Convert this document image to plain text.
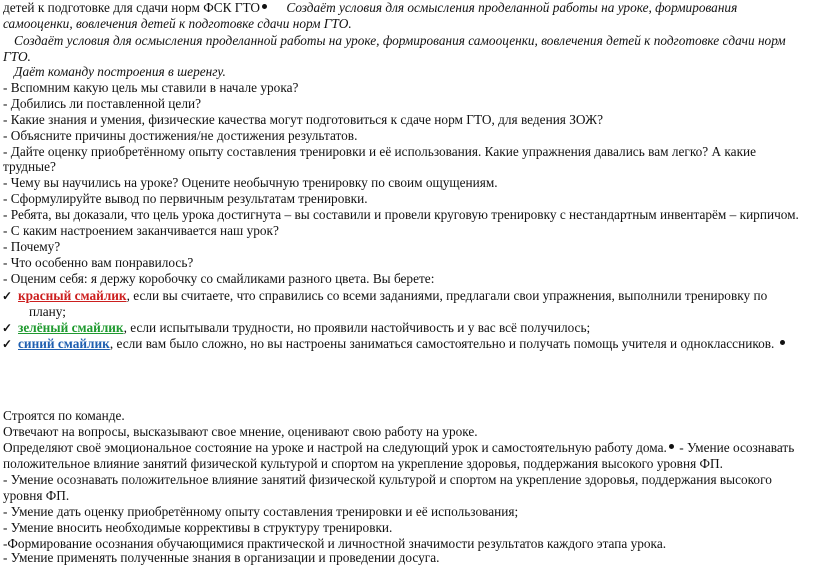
детей к подготовке для сдачи норм ФСК ГТО Создаёт условия для осмысления проделанной работы на уроке, формирования
самооценки, вовлечения детей к подготовке сдачи норм ГТО.
Создаёт условия для осмысления проделанной работы на уроке, формирования самооценки, вовлечения детей к подготовке сдачи норм
ГТО.
Даёт команду построения в шеренгу.
- Вспомним какую цель мы ставили в начале урока?
- Добились ли поставленной цели?
- Какие знания и умения, физические качества могут подготовиться к сдаче норм ГТО, для ведения ЗОЖ?
- Объясните причины достижения/не достижения результатов.
- Дайте оценку приобретённому опыту составления тренировки и её использования. Какие упражнения давались вам легко? А какие
трудные?
- Чему вы научились на уроке? Оцените необычную тренировку по своим ощущениям.
- Сформулируйте вывод по первичным результатам тренировки.
- Ребята, вы доказали, что цель урока достигнута – вы составили и провели круговую тренировку с нестандартным инвентарём – кирпичом.
- С каким настроением заканчивается наш урок?
- Почему?
- Что особенно вам понравилось?
- Оценим себя: я держу коробочку со смайликами разного цвета. Вы берете:
✓ красный смайлик, если вы считаете, что справились со всеми заданиями, предлагали свои упражнения, выполнили тренировку по
плану;
✓ зелёный смайлик, если испытывали трудности, но проявили настойчивость и у вас всё получилось;
✓ синий смайлик, если вам было сложно, но вы настроены заниматься самостоятельно и получать помощь учителя и одноклассников.
Строятся по команде.
Отвечают на вопросы, высказывают свое мнение, оценивают свою работу на уроке.
Определяют своё эмоциональное состояние на уроке и настрой на следующий урок и самостоятельную работу дома. - Умение осознавать
положительное влияние занятий физической культурой и спортом на укрепление здоровья, поддержания высокого уровня ФП.
- Умение осознавать положительное влияние занятий физической культурой и спортом на укрепление здоровья, поддержания высокого
уровня ФП.
- Умение дать оценку приобретённому опыту составления тренировки и её использования;
- Умение вносить необходимые коррективы в структуру тренировки.
-Формирование осознания обучающимися практической и личностной значимости результатов каждого этапа урока.
- Умение применять полученные знания в организации и проведении досуга.
